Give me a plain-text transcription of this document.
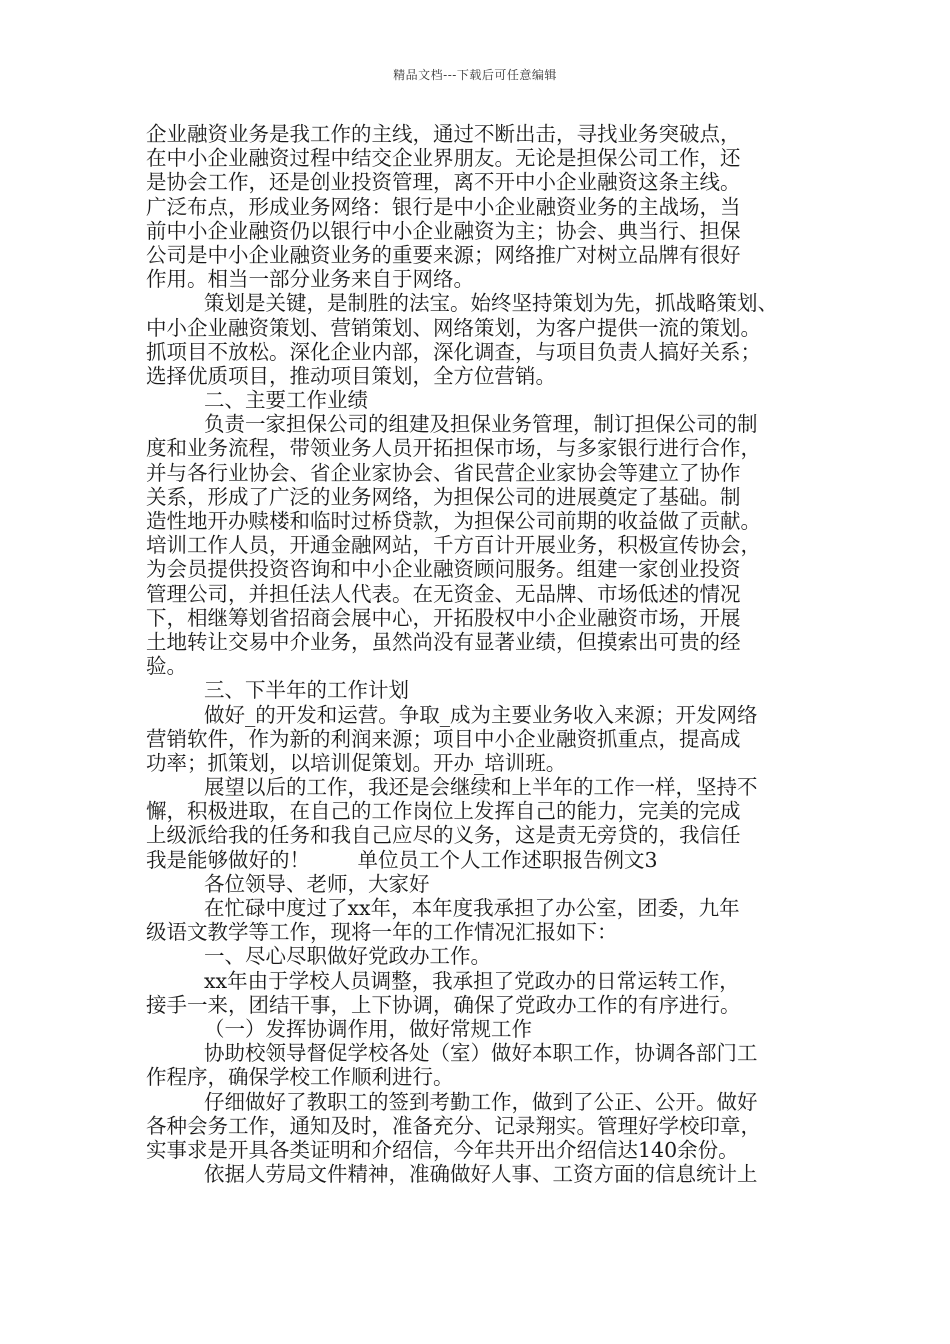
精品文档---下载后可任意编辑
企业融资业务是我工作的主线，通过不断出击，寻找业务突破点，
在中小企业融资过程中结交企业界朋友。无论是担保公司工作，还
是协会工作，还是创业投资管理，离不开中小企业融资这条主线。
广泛布点，形成业务网络：银行是中小企业融资业务的主战场，当
前中小企业融资仍以银行中小企业融资为主；协会、典当行、担保
公司是中小企业融资业务的重要来源；网络推广对树立品牌有很好
作用。相当一部分业务来自于网络。
策划是关键，是制胜的法宝。始终坚持策划为先，抓战略策划、
中小企业融资策划、营销策划、网络策划，为客户提供一流的策划。
抓项目不放松。深化企业内部，深化调查，与项目负责人搞好关系；
选择优质项目，推动项目策划，全方位营销。
二、主要工作业绩
负责一家担保公司的组建及担保业务管理，制订担保公司的制
度和业务流程，带领业务人员开拓担保市场，与多家银行进行合作，
并与各行业协会、省企业家协会、省民营企业家协会等建立了协作
关系，形成了广泛的业务网络，为担保公司的进展奠定了基础。制
造性地开办赎楼和临时过桥贷款，为担保公司前期的收益做了贡献。
培训工作人员，开通金融网站，千方百计开展业务，积极宣传协会，
为会员提供投资咨询和中小企业融资顾问服务。组建一家创业投资
管理公司，并担任法人代表。在无资金、无品牌、市场低述的情况
下，相继筹划省招商会展中心，开拓股权中小企业融资市场，开展
土地转让交易中介业务，虽然尚没有显著业绩，但摸索出可贵的经
验。
三、下半年的工作计划
做好_的开发和运营。争取_成为主要业务收入来源；开发网络
营销软件，作为新的利润来源；项目中小企业融资抓重点，提高成
功率；抓策划，以培训促策划。开办_培训班。
展望以后的工作，我还是会继续和上半年的工作一样，坚持不
懈，积极进取，在自己的工作岗位上发挥自己的能力，完美的完成
上级派给我的任务和我自己应尽的义务，这是责无旁贷的，我信任
我是能够做好的！　　 单位员工个人工作述职报告例文3
各位领导、老师，大家好
在忙碌中度过了xx年，本年度我承担了办公室，团委，九年
级语文教学等工作，现将一年的工作情况汇报如下：
一、尽心尽职做好党政办工作。
xx年由于学校人员调整，我承担了党政办的日常运转工作，
接手一来，团结干事，上下协调，确保了党政办工作的有序进行。
（一）发挥协调作用，做好常规工作
协助校领导督促学校各处（室）做好本职工作，协调各部门工
作程序，确保学校工作顺利进行。
仔细做好了教职工的签到考勤工作，做到了公正、公开。做好
各种会务工作，通知及时，准备充分、记录翔实。管理好学校印章，
实事求是开具各类证明和介绍信，今年共开出介绍信达140余份。
依据人劳局文件精神，准确做好人事、工资方面的信息统计上
